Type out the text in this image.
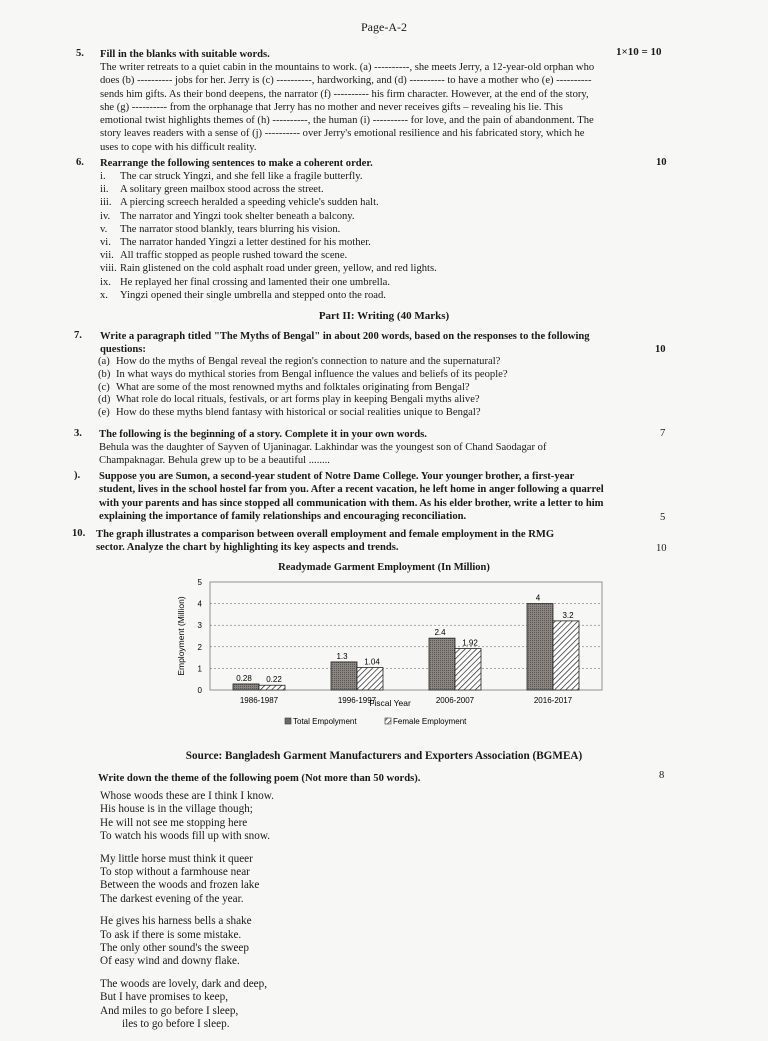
Page-A-2
5. Fill in the blanks with suitable words.	1×10 = 10
The writer retreats to a quiet cabin in the mountains to work. (a) ----------, she meets Jerry, a 12-year-old orphan who
does (b) ---------- jobs for her. Jerry is (c) ----------, hardworking, and (d) ---------- to have a mother who (e) ----------
sends him gifts. As their bond deepens, the narrator (f) ---------- his firm character. However, at the end of the story,
she (g) ---------- from the orphanage that Jerry has no mother and never receives gifts – revealing his lie. This
emotional twist highlights themes of (h) ----------, the human (i) ---------- for love, and the pain of abandonment. The
story leaves readers with a sense of (j) ---------- over Jerry's emotional resilience and his fabricated story, which he
uses to cope with his difficult reality.
6. Rearrange the following sentences to make a coherent order.	10
i.	The car struck Yingzi, and she fell like a fragile butterfly.
ii.	A solitary green mailbox stood across the street.
iii. A piercing screech heralded a speeding vehicle's sudden halt.
iv. The narrator and Yingzi took shelter beneath a balcony.
v.	The narrator stood blankly, tears blurring his vision.
vi. The narrator handed Yingzi a letter destined for his mother.
vii. All traffic stopped as people rushed toward the scene.
viii. Rain glistened on the cold asphalt road under green, yellow, and red lights.
ix. He replayed her final crossing and lamented their one umbrella.
x.	Yingzi opened their single umbrella and stepped onto the road.
Part II: Writing (40 Marks)
7. Write a paragraph titled "The Myths of Bengal" in about 200 words, based on the responses to the following
questions:	10
(a) How do the myths of Bengal reveal the region's connection to nature and the supernatural?
(b) In what ways do mythical stories from Bengal influence the values and beliefs of its people?
(c) What are some of the most renowned myths and folktales originating from Bengal?
(d) What role do local rituals, festivals, or art forms play in keeping Bengali myths alive?
(e) How do these myths blend fantasy with historical or social realities unique to Bengal?
3. The following is the beginning of a story. Complete it in your own words.	7
Behula was the daughter of Sayven of Ujaninagar. Lakhindar was the youngest son of Chand Saodagar of
Champaknagar. Behula grew up to be a beautiful ........
). Suppose you are Sumon, a second-year student of Notre Dame College. Your younger brother, a first-year
student, lives in the school hostel far from you. After a recent vacation, he left home in anger following a quarrel
with your parents and has since stopped all communication with them. As his elder brother, write a letter to him
explaining the importance of family relationships and encouraging reconciliation.	5
10. The graph illustrates a comparison between overall employment and female employment in the RMG
sector. Analyze the chart by highlighting its key aspects and trends.	10
Readymade Garment Employment (In Million)
0
1
2
3
4
5
0.28 0.22
1.3
1.04
2.4
1.92
4
3.2
1986-1987	1996-1997	2006-2007	2016-2017
Employment (Million)
Fiscal Year
Total Empolyment	Female Employment
Source: Bangladesh Garment Manufacturers and Exporters Association (BGMEA)
Write down the theme of the following poem (Not more than 50 words).	8
Whose woods these are I think I know.
His house is in the village though;
He will not see me stopping here
To watch his woods fill up with snow.
My little horse must think it queer
To stop without a farmhouse near
Between the woods and frozen lake
The darkest evening of the year.
He gives his harness bells a shake
To ask if there is some mistake.
The only other sound's the sweep
Of easy wind and downy flake.
The woods are lovely, dark and deep,
But I have promises to keep,
And miles to go before I sleep,
iles to go before I sleep.
